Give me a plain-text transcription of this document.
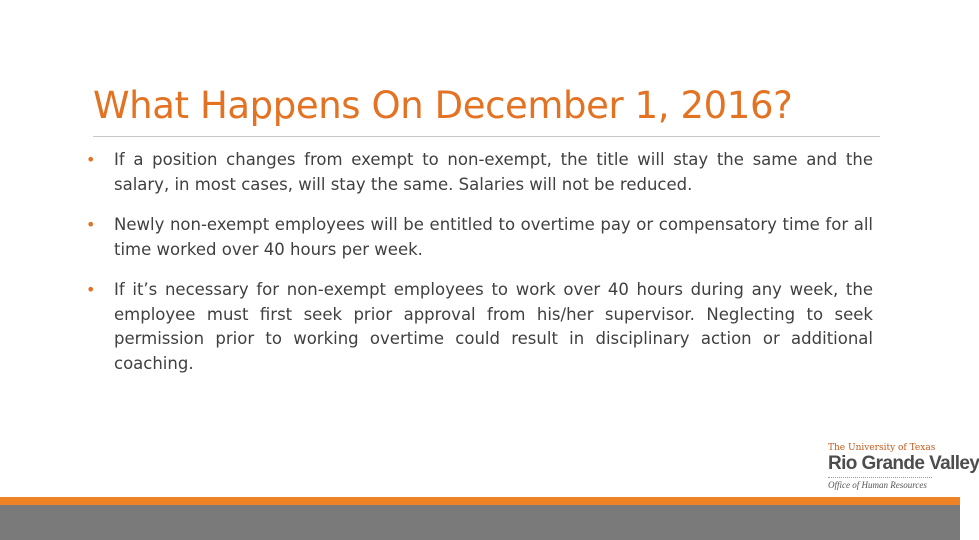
What Happens On December 1, 2016?
• If a position changes from exempt to non-exempt, the title will stay the same and the salary, in most cases, will stay the same. Salaries will not be reduced.
• Newly non-exempt employees will be entitled to overtime pay or compensatory time for all time worked over 40 hours per week.
• If it’s necessary for non-exempt employees to work over 40 hours during any week, the employee must first seek prior approval from his/her supervisor. Neglecting to seek permission prior to working overtime could result in disciplinary action or additional coaching.
The University of Texas
Rio Grande Valley
Office of Human Resources
